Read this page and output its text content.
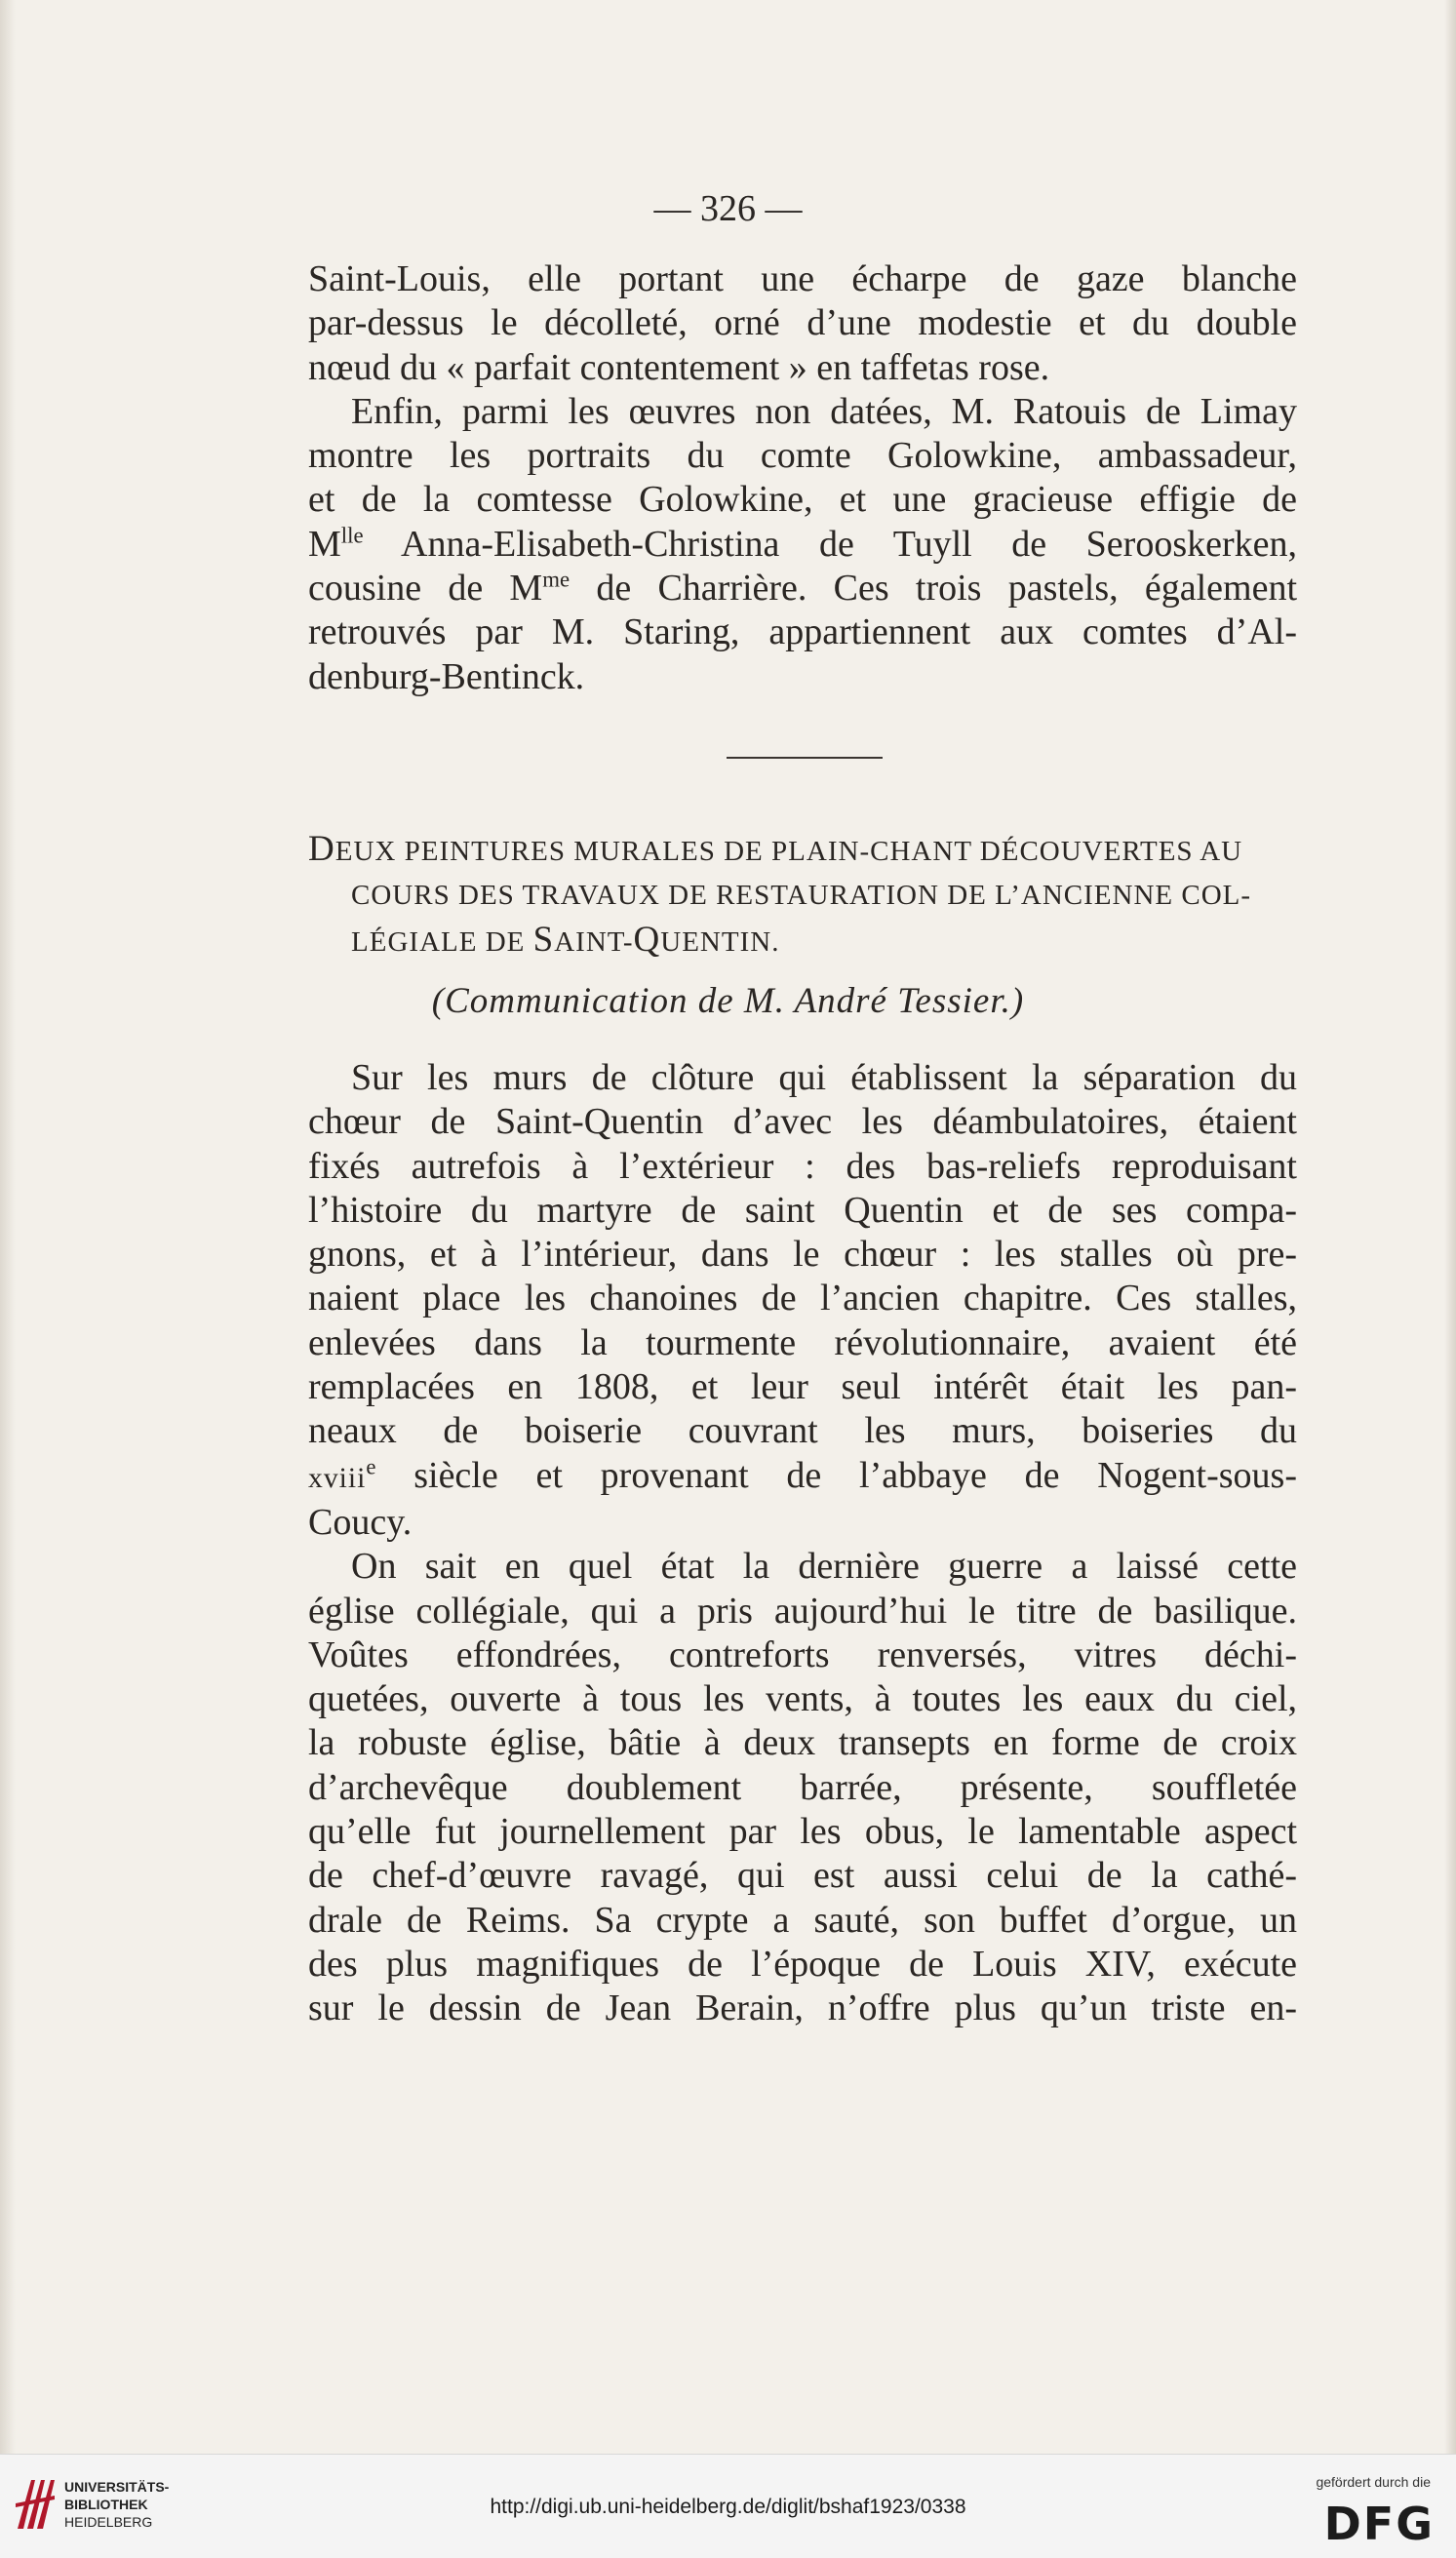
— 326 —
Saint-Louis, elle portant une écharpe de gaze blanche
par-dessus le décolleté, orné d’une modestie et du double
nœud du « parfait contentement » en taffetas rose.
Enfin, parmi les œuvres non datées, M. Ratouis de Limay
montre les portraits du comte Golowkine, ambassadeur,
et de la comtesse Golowkine, et une gracieuse effigie de
$M^{lle}$ Anna-Elisabeth-Christina de Tuyll de Serooskerken,
cousine de $M^{me}$ de Charrière. Ces trois pastels, également
retrouvés par M. Staring, appartiennent aux comtes d’Al-
denburg-Bentinck.
DEUX PEINTURES MURALES DE PLAIN-CHANT DÉCOUVERTES AU
COURS DES TRAVAUX DE RESTAURATION DE L’ANCIENNE COL-
LÉGIALE DE SAINT-QUENTIN.
(Communication de M. André Tessier.)
Sur les murs de clôture qui établissent la séparation du
chœur de Saint-Quentin d’avec les déambulatoires, étaient
fixés autrefois à l’extérieur : des bas-reliefs reproduisant
l’histoire du martyre de saint Quentin et de ses compa-
gnons, et à l’intérieur, dans le chœur : les stalles où pre-
naient place les chanoines de l’ancien chapitre. Ces stalles,
enlevées dans la tourmente révolutionnaire, avaient été
remplacées en 1808, et leur seul intérêt était les pan-
neaux de boiserie couvrant les murs, boiseries du
xviii$^e$ siècle et provenant de l’abbaye de Nogent-sous-
Coucy.
On sait en quel état la dernière guerre a laissé cette
église collégiale, qui a pris aujourd’hui le titre de basilique.
Voûtes effondrées, contreforts renversés, vitres déchi-
quetées, ouverte à tous les vents, à toutes les eaux du ciel,
la robuste église, bâtie à deux transepts en forme de croix
d’archevêque doublement barrée, présente, souffletée
qu’elle fut journellement par les obus, le lamentable aspect
de chef-d’œuvre ravagé, qui est aussi celui de la cathé-
drale de Reims. Sa crypte a sauté, son buffet d’orgue, un
des plus magnifiques de l’époque de Louis XIV, exécute
sur le dessin de Jean Berain, n’offre plus qu’un triste en-
UNIVERSITÄTS-
BIBLIOTHEK
HEIDELBERG
http://digi.ub.uni-heidelberg.de/diglit/bshaf1923/0338
gefördert durch die
DFG
